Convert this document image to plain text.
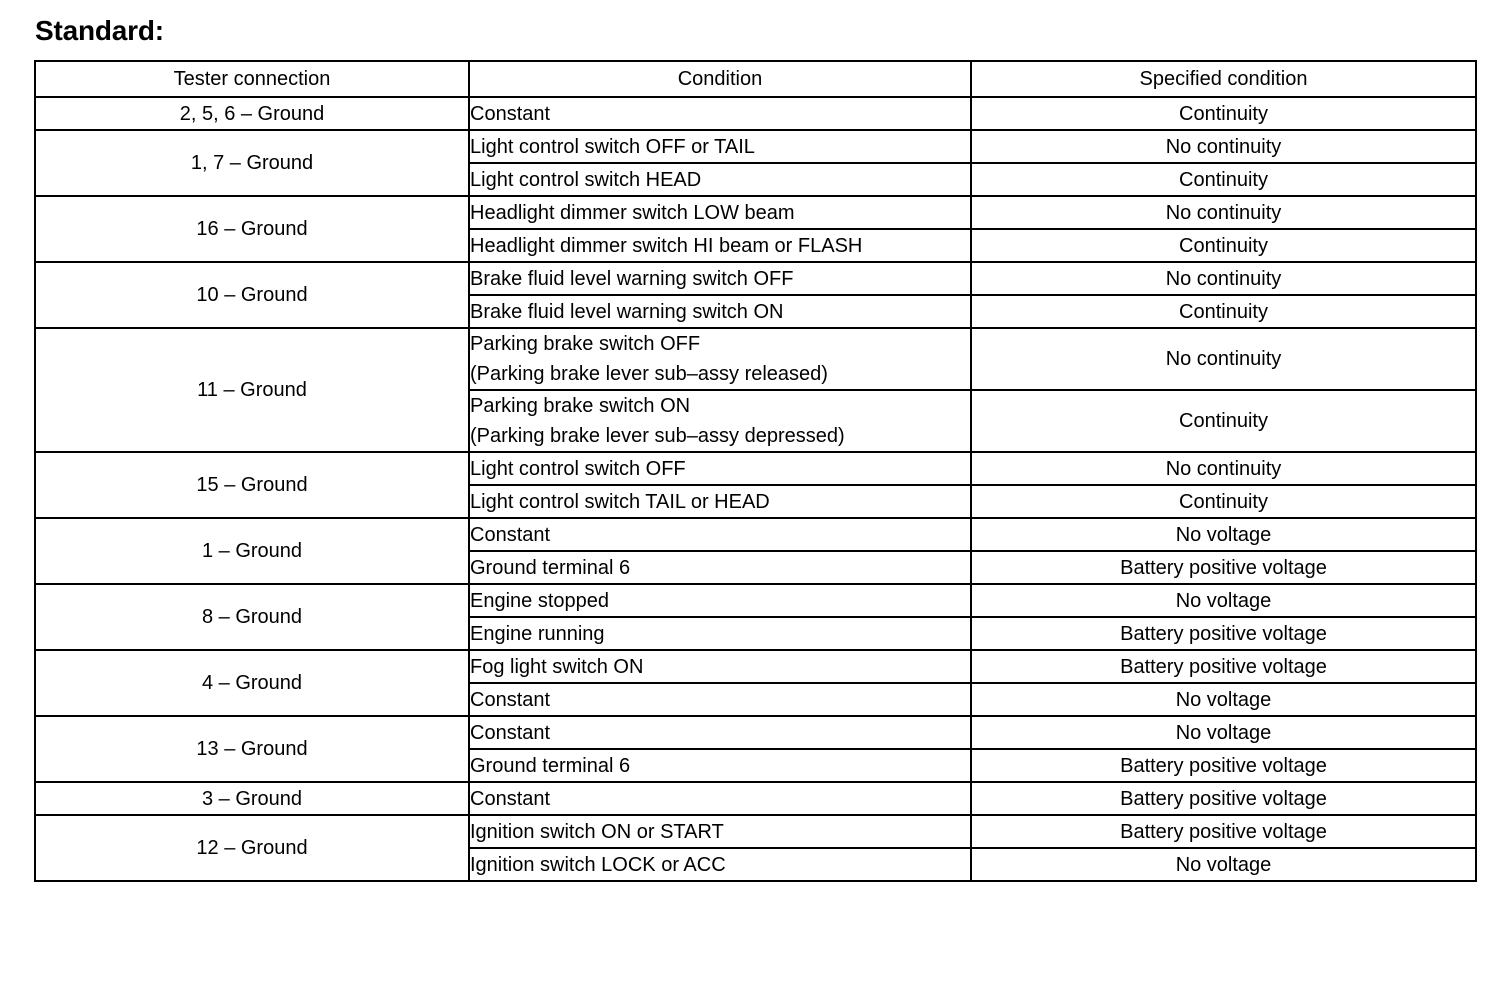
Standard:
Tester connection	Condition	Specified condition
2, 5, 6 – Ground	Constant	Continuity
1, 7 – Ground	Light control switch OFF or TAIL	No continuity

	Light control switch HEAD	Continuity
16 – Ground	Headlight dimmer switch LOW beam	No continuity

	Headlight dimmer switch HI beam or FLASH	Continuity
10 – Ground	Brake fluid level warning switch OFF	No continuity

	Brake fluid level warning switch ON	Continuity
11 – Ground	Parking brake switch OFF
(Parking brake lever sub–assy released)	No continuity

	Parking brake switch ON
(Parking brake lever sub–assy depressed)	Continuity
15 – Ground	Light control switch OFF	No continuity

	Light control switch TAIL or HEAD	Continuity
1 – Ground	Constant	No voltage

	Ground terminal 6	Battery positive voltage
8 – Ground	Engine stopped	No voltage

	Engine running	Battery positive voltage
4 – Ground	Fog light switch ON	Battery positive voltage

	Constant	No voltage
13 – Ground	Constant	No voltage

	Ground terminal 6	Battery positive voltage
3 – Ground	Constant	Battery positive voltage
12 – Ground	Ignition switch ON or START	Battery positive voltage

	Ignition switch LOCK or ACC	No voltage
